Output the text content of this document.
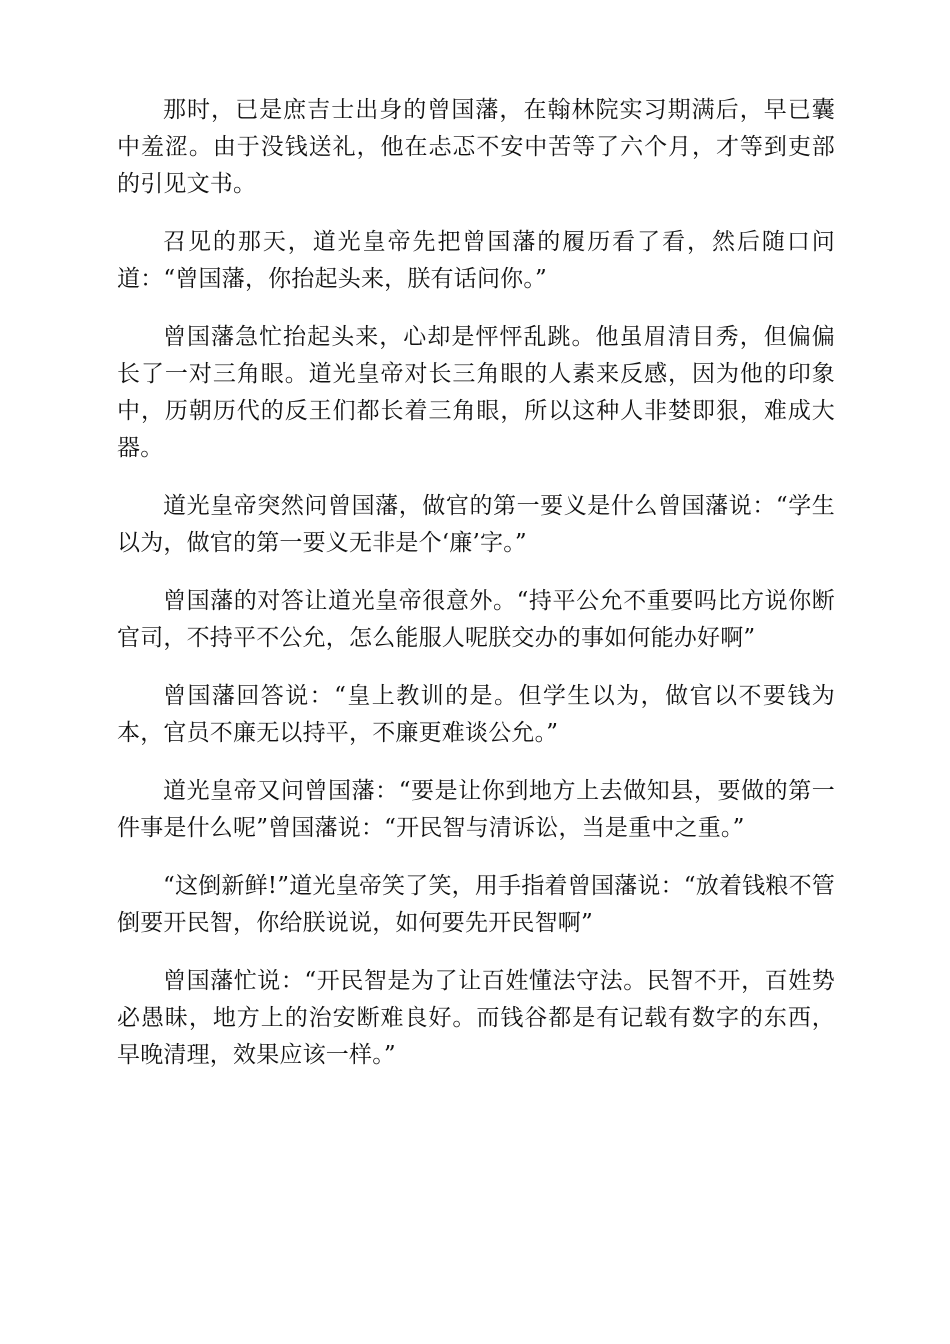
那时，已是庶吉士出身的曾国藩，在翰林院实习期满后，早已囊中羞涩。由于没钱送礼，他在忐忑不安中苦等了六个月，才等到吏部的引见文书。

召见的那天，道光皇帝先把曾国藩的履历看了看，然后随口问道：“曾国藩，你抬起头来，朕有话问你。”

曾国藩急忙抬起头来，心却是怦怦乱跳。他虽眉清目秀，但偏偏长了一对三角眼。道光皇帝对长三角眼的人素来反感，因为他的印象中，历朝历代的反王们都长着三角眼，所以这种人非婪即狠，难成大器。

道光皇帝突然问曾国藩，做官的第一要义是什么曾国藩说：“学生以为，做官的第一要义无非是个‘廉’字。”

曾国藩的对答让道光皇帝很意外。“持平公允不重要吗比方说你断官司，不持平不公允，怎么能服人呢朕交办的事如何能办好啊”

曾国藩回答说：“皇上教训的是。但学生以为，做官以不要钱为本，官员不廉无以持平，不廉更难谈公允。”

道光皇帝又问曾国藩：“要是让你到地方上去做知县，要做的第一件事是什么呢”曾国藩说：“开民智与清诉讼，当是重中之重。”

“这倒新鲜!”道光皇帝笑了笑，用手指着曾国藩说：“放着钱粮不管倒要开民智，你给朕说说，如何要先开民智啊”

曾国藩忙说：“开民智是为了让百姓懂法守法。民智不开，百姓势必愚昧，地方上的治安断难良好。而钱谷都是有记载有数字的东西，早晚清理，效果应该一样。”
